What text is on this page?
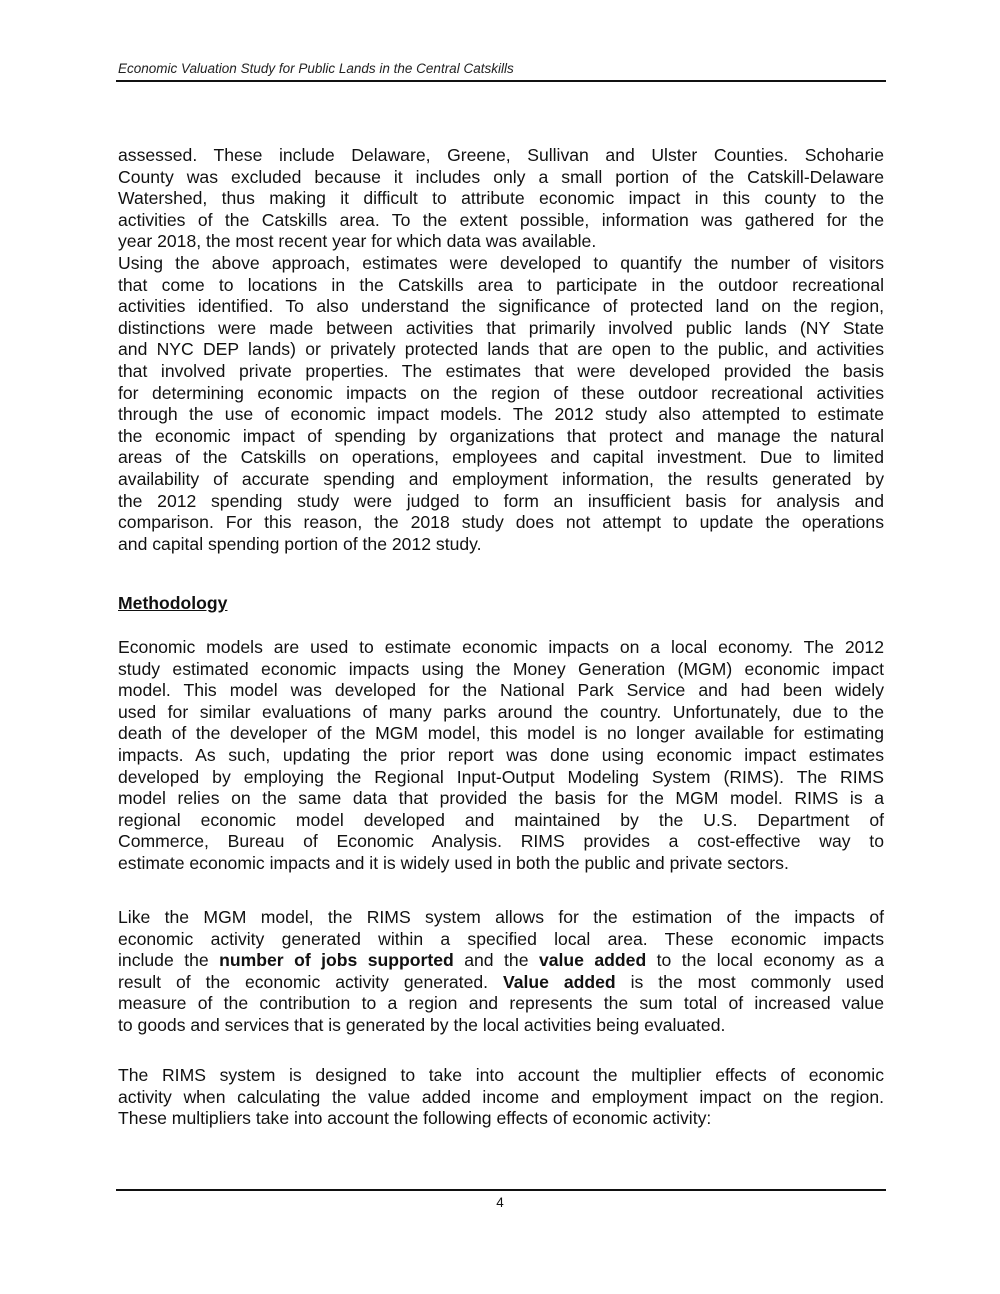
Economic Valuation Study for Public Lands in the Central Catskills
assessed. These include Delaware, Greene, Sullivan and Ulster Counties. Schoharie
County was excluded because it includes only a small portion of the Catskill-Delaware
Watershed, thus making it difficult to attribute economic impact in this county to the
activities of the Catskills area. To the extent possible, information was gathered for the
year 2018, the most recent year for which data was available.
Using the above approach, estimates were developed to quantify the number of visitors
that come to locations in the Catskills area to participate in the outdoor recreational
activities identified. To also understand the significance of protected land on the region,
distinctions were made between activities that primarily involved public lands (NY State
and NYC DEP lands) or privately protected lands that are open to the public, and activities
that involved private properties. The estimates that were developed provided the basis
for determining economic impacts on the region of these outdoor recreational activities
through the use of economic impact models. The 2012 study also attempted to estimate
the economic impact of spending by organizations that protect and manage the natural
areas of the Catskills on operations, employees and capital investment. Due to limited
availability of accurate spending and employment information, the results generated by
the 2012 spending study were judged to form an insufficient basis for analysis and
comparison. For this reason, the 2018 study does not attempt to update the operations
and capital spending portion of the 2012 study.
Methodology
Economic models are used to estimate economic impacts on a local economy. The 2012
study estimated economic impacts using the Money Generation (MGM) economic impact
model. This model was developed for the National Park Service and had been widely
used for similar evaluations of many parks around the country. Unfortunately, due to the
death of the developer of the MGM model, this model is no longer available for estimating
impacts. As such, updating the prior report was done using economic impact estimates
developed by employing the Regional Input-Output Modeling System (RIMS). The RIMS
model relies on the same data that provided the basis for the MGM model. RIMS is a
regional economic model developed and maintained by the U.S. Department of
Commerce, Bureau of Economic Analysis. RIMS provides a cost-effective way to
estimate economic impacts and it is widely used in both the public and private sectors.
Like the MGM model, the RIMS system allows for the estimation of the impacts of
economic activity generated within a specified local area. These economic impacts
include the number of jobs supported and the value added to the local economy as a
result of the economic activity generated. Value added is the most commonly used
measure of the contribution to a region and represents the sum total of increased value
to goods and services that is generated by the local activities being evaluated.
The RIMS system is designed to take into account the multiplier effects of economic
activity when calculating the value added income and employment impact on the region.
These multipliers take into account the following effects of economic activity:
4
